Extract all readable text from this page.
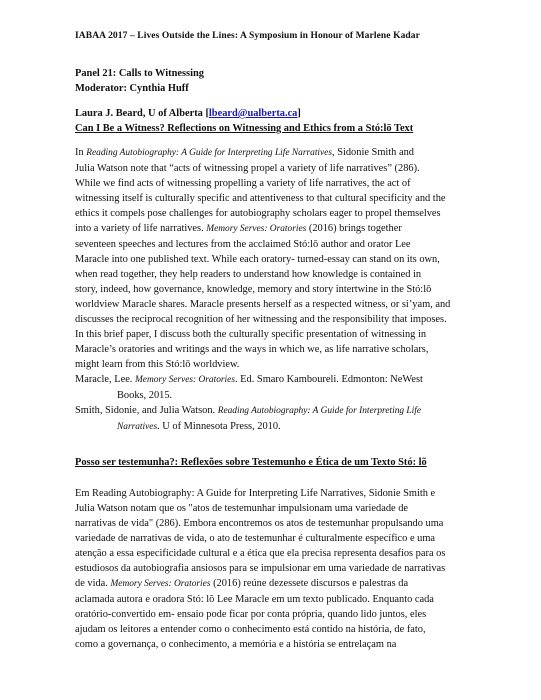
IABAA 2017 – Lives Outside the Lines: A Symposium in Honour of Marlene Kadar
Panel 21: Calls to Witnessing
Moderator: Cynthia Huff
Laura J. Beard, U of Alberta [lbeard@ualberta.ca]
Can I Be a Witness? Reflections on Witnessing and Ethics from a Stó:lō Text
In Reading Autobiography: A Guide for Interpreting Life Narratives, Sidonie Smith and
Julia Watson note that “acts of witnessing propel a variety of life narratives” (286).
While we find acts of witnessing propelling a variety of life narratives, the act of
witnessing itself is culturally specific and attentiveness to that cultural specificity and the
ethics it compels pose challenges for autobiography scholars eager to propel themselves
into a variety of life narratives. Memory Serves: Oratories (2016) brings together
seventeen speeches and lectures from the acclaimed Stó:lō author and orator Lee
Maracle into one published text. While each oratory- turned-essay can stand on its own,
when read together, they help readers to understand how knowledge is contained in
story, indeed, how governance, knowledge, memory and story intertwine in the Stó:lō
worldview Maracle shares. Maracle presents herself as a respected witness, or si’yam, and
discusses the reciprocal recognition of her witnessing and the responsibility that imposes.
In this brief paper, I discuss both the culturally specific presentation of witnessing in
Maracle’s oratories and writings and the ways in which we, as life narrative scholars,
might learn from this Stó:lō worldview.
Maracle, Lee. Memory Serves: Oratories. Ed. Smaro Kamboureli. Edmonton: NeWest
Books, 2015.
Smith, Sidonie, and Julia Watson. Reading Autobiography: A Guide for Interpreting Life
Narratives. U of Minnesota Press, 2010.
Posso ser testemunha?: Reflexões sobre Testemunho e Ética de um Texto Stó: lõ
Em Reading Autobiography: A Guide for Interpreting Life Narratives, Sidonie Smith e
Julia Watson notam que os "atos de testemunhar impulsionam uma variedade de
narrativas de vida" (286). Embora encontremos os atos de testemunhar propulsando uma
variedade de narrativas de vida, o ato de testemunhar é culturalmente específico e uma
atenção a essa especificidade cultural e a ética que ela precisa representa desafios para os
estudiosos da autobiografia ansiosos para se impulsionar em uma variedade de narrativas
de vida. Memory Serves: Oratories (2016) reúne dezessete discursos e palestras da
aclamada autora e oradora Stó: lõ Lee Maracle em um texto publicado. Enquanto cada
oratório-convertido em- ensaio pode ficar por conta própria, quando lido juntos, eles
ajudam os leitores a entender como o conhecimento está contido na história, de fato,
como a governança, o conhecimento, a memória e a história se entrelaçam na
